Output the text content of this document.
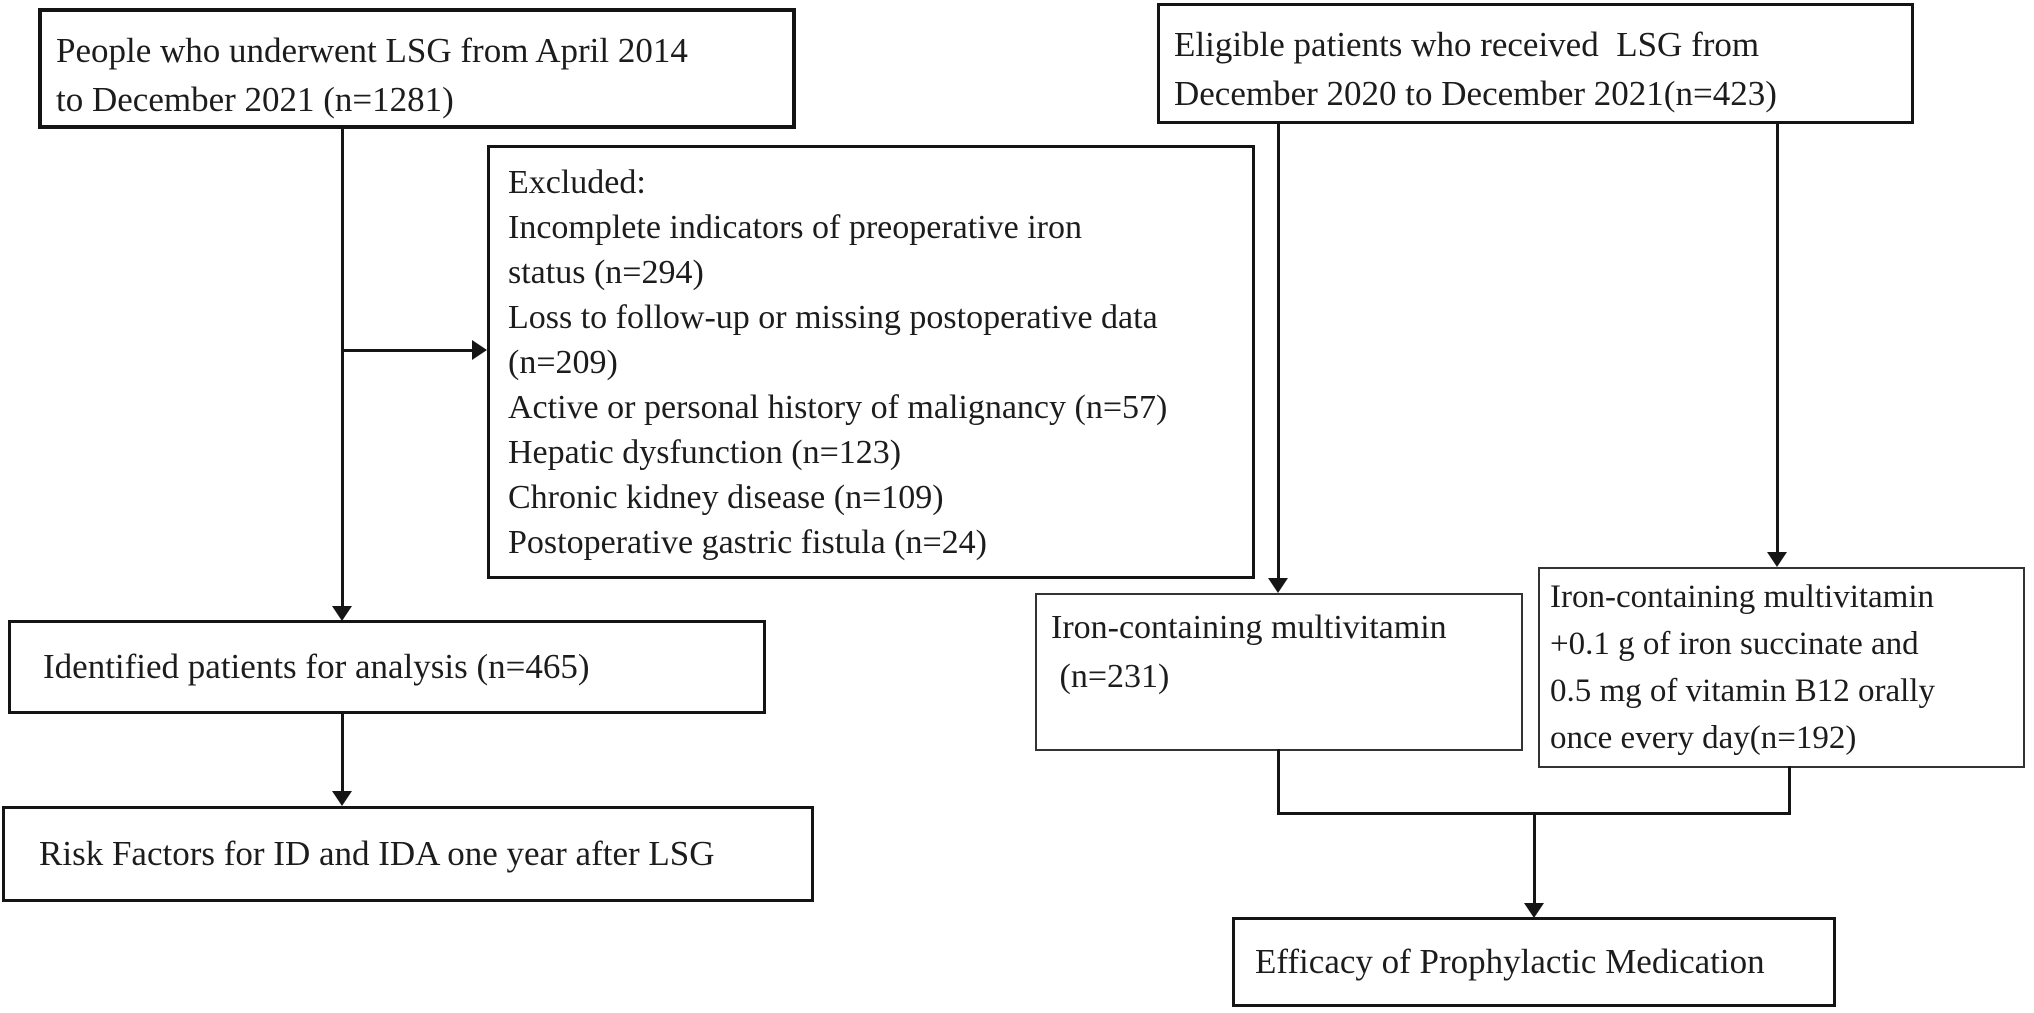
People who underwent LSG from April 2014
to December 2021 (n=1281)
Excluded:
Incomplete indicators of preoperative iron
status (n=294)
Loss to follow-up or missing postoperative data
(n=209)
Active or personal history of malignancy (n=57)
Hepatic dysfunction (n=123)
Chronic kidney disease (n=109)
Postoperative gastric fistula (n=24)
Identified patients for analysis (n=465)
Risk Factors for ID and IDA one year after LSG
Eligible patients who received  LSG from
December 2020 to December 2021(n=423)
Iron-containing multivitamin
(n=231)
Iron-containing multivitamin
+0.1 g of iron succinate and
0.5 mg of vitamin B12 orally
once every day(n=192)
Efficacy of Prophylactic Medication
